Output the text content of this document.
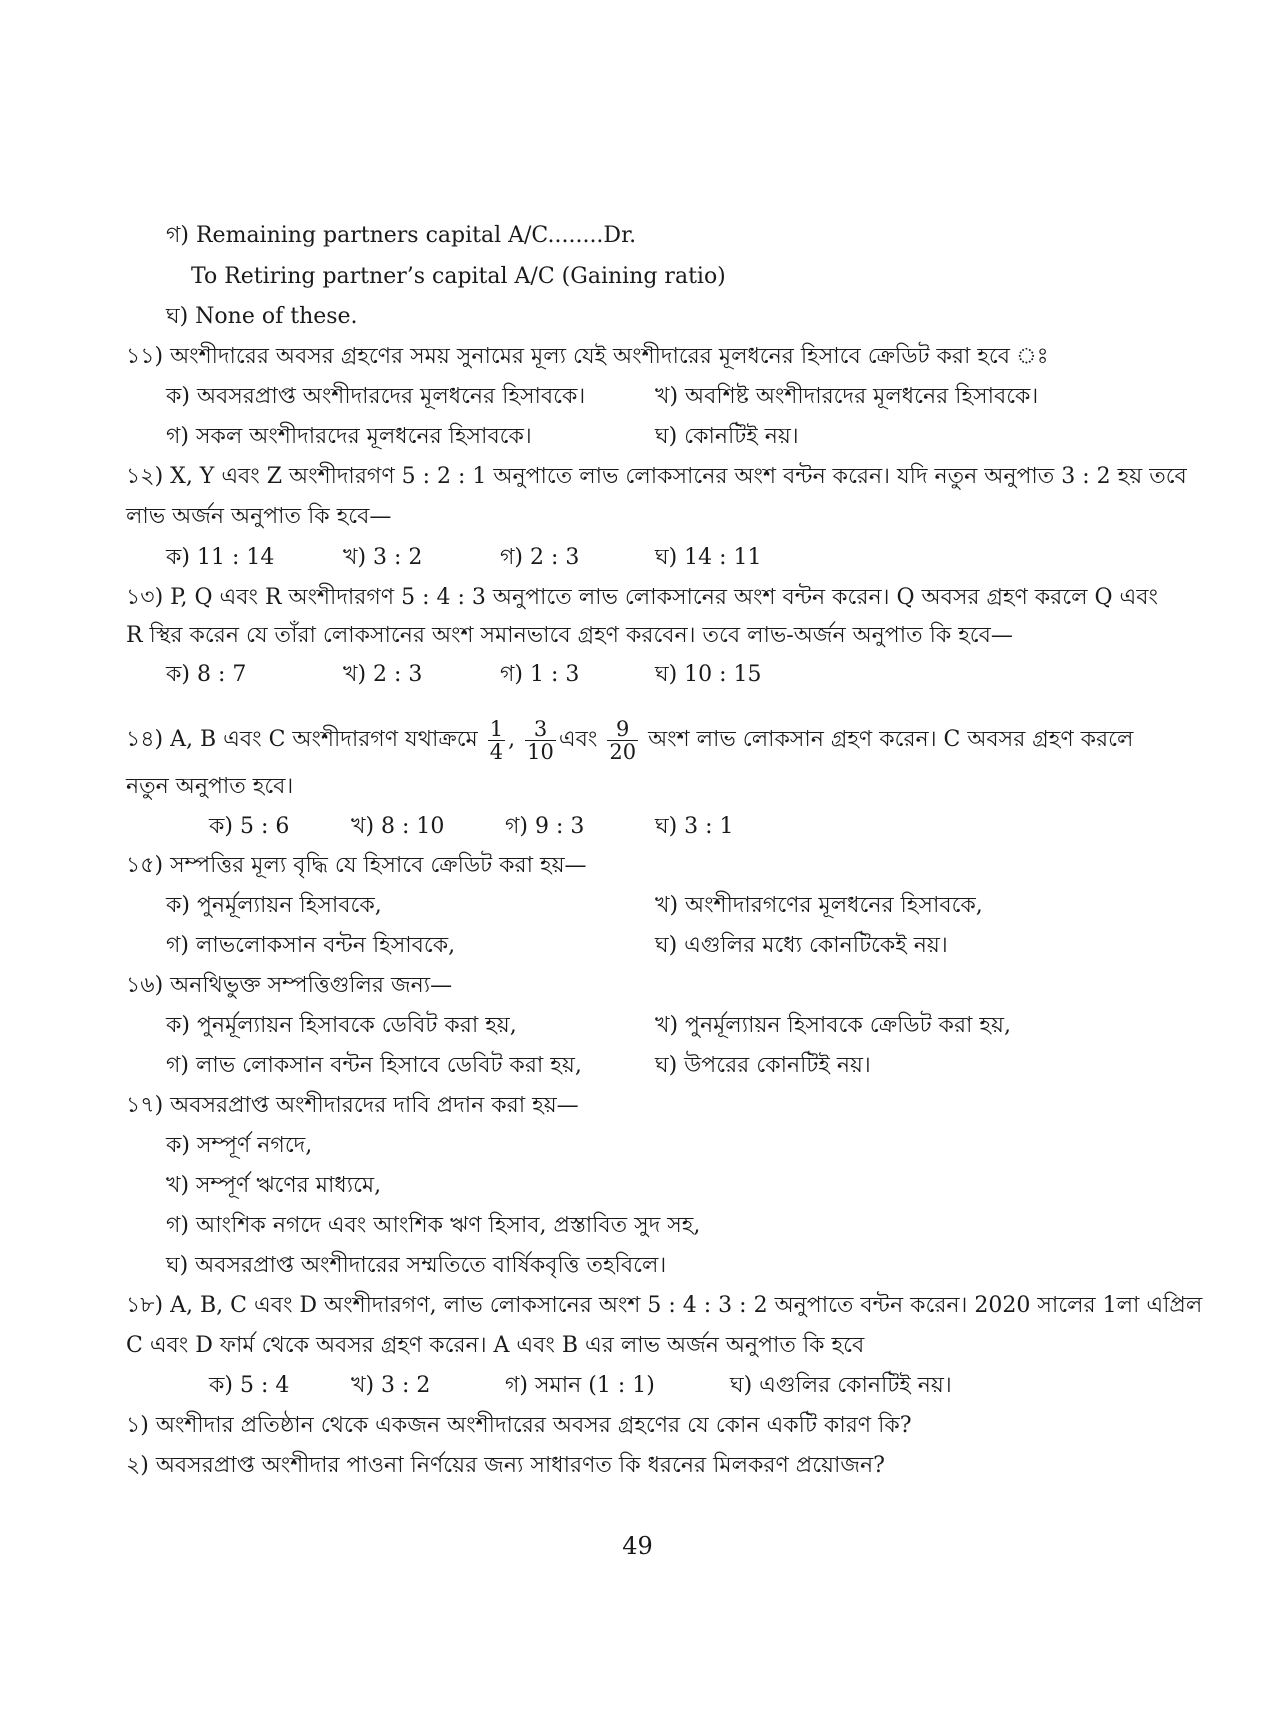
গ) Remaining partners capital A/C........Dr.
To Retiring partner’s capital A/C (Gaining ratio)
ঘ) None of these.
১১) অংশীদারের অবসর গ্রহণের সময় সুনামের মূল্য যেই অংশীদারের মূলধনের হিসাবে ক্রেডিট করা হবে ঃ
ক) অবসরপ্রাপ্ত অংশীদারদের মূলধনের হিসাবকে।	খ) অবশিষ্ট অংশীদারদের মূলধনের হিসাবকে।
গ) সকল অংশীদারদের মূলধনের হিসাবকে।	ঘ) কোনটিই নয়।
১২) X, Y এবং Z অংশীদারগণ 5 : 2 : 1 অনুপাতে লাভ লোকসানের অংশ বন্টন করেন। যদি নতুন অনুপাত 3 : 2 হয় তবে
লাভ অর্জন অনুপাত কি হবে—
ক) 11 : 14	খ) 3 : 2	গ) 2 : 3	ঘ) 14 : 11
১৩) P, Q এবং R অংশীদারগণ 5 : 4 : 3 অনুপাতে লাভ লোকসানের অংশ বন্টন করেন। Q অবসর গ্রহণ করলে Q এবং
R স্থির করেন যে তাঁরা লোকসানের অংশ সমানভাবে গ্রহণ করবেন। তবে লাভ-অর্জন অনুপাত কি হবে—
ক) 8 : 7	খ) 2 : 3	গ) 1 : 3	ঘ) 10 : 15
১৪) A, B এবং C অংশীদারগণ যথাক্রমে $\frac{1}{4}$ , $\frac{3}{10}$ এবং $\frac{9}{20}$ অংশ লাভ লোকসান গ্রহণ করেন। C অবসর গ্রহণ করলে
নতুন অনুপাত হবে।
ক) 5 : 6	খ) 8 : 10	গ) 9 : 3	ঘ) 3 : 1
১৫) সম্পত্তির মূল্য বৃদ্ধি যে হিসাবে ক্রেডিট করা হয়—
ক) পুনর্মূল্যায়ন হিসাবকে,	খ) অংশীদারগণের মূলধনের হিসাবকে,
গ) লাভলোকসান বন্টন হিসাবকে,	ঘ) এগুলির মধ্যে কোনটিকেই নয়।
১৬) অনথিভুক্ত সম্পত্তিগুলির জন্য—
ক) পুনর্মূল্যায়ন হিসাবকে ডেবিট করা হয়,	খ) পুনর্মূল্যায়ন হিসাবকে ক্রেডিট করা হয়,
গ) লাভ লোকসান বন্টন হিসাবে ডেবিট করা হয়,	ঘ) উপরের কোনটিই নয়।
১৭) অবসরপ্রাপ্ত অংশীদারদের দাবি প্রদান করা হয়—
ক) সম্পূর্ণ নগদে,
খ) সম্পূর্ণ ঋণের মাধ্যমে,
গ) আংশিক নগদে এবং আংশিক ঋণ হিসাব, প্রস্তাবিত সুদ সহ,
ঘ) অবসরপ্রাপ্ত অংশীদারের সম্মতিতে বার্ষিকবৃত্তি তহবিলে।
১৮) A, B, C এবং D অংশীদারগণ, লাভ লোকসানের অংশ 5 : 4 : 3 : 2 অনুপাতে বন্টন করেন। 2020 সালের 1লা এপ্রিল
C এবং D ফার্ম থেকে অবসর গ্রহণ করেন। A এবং B এর লাভ অর্জন অনুপাত কি হবে
ক) 5 : 4	খ) 3 : 2	গ) সমান (1 : 1)	ঘ) এগুলির কোনটিই নয়।
১) অংশীদার প্রতিষ্ঠান থেকে একজন অংশীদারের অবসর গ্রহণের যে কোন একটি কারণ কি?
২) অবসরপ্রাপ্ত অংশীদার পাওনা নির্ণয়ের জন্য সাধারণত কি ধরনের মিলকরণ প্রয়োজন?
49
